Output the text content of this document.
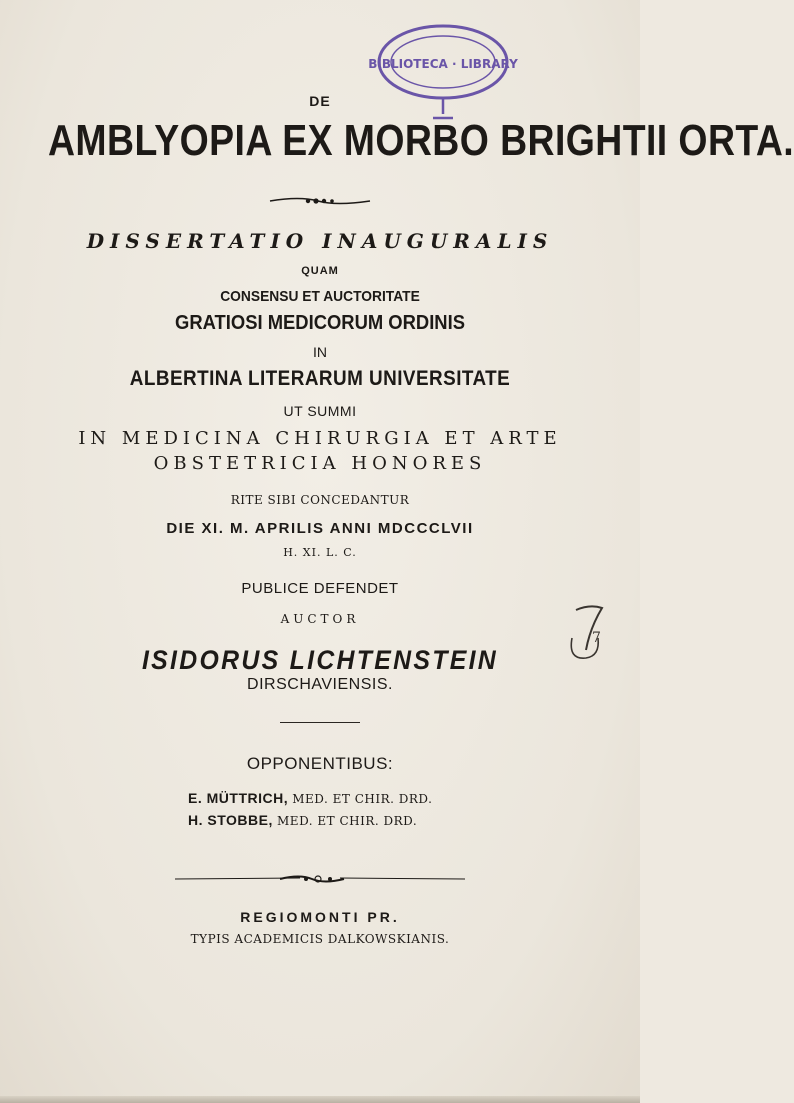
BIBLIOTECA · LIBRARY

DE

AMBLYOPIA EX MORBO BRIGHTII ORTA.

DISSERTATIO INAUGURALIS

QUAM

CONSENSU ET AUCTORITATE

GRATIOSI MEDICORUM ORDINIS

IN

ALBERTINA LITERARUM UNIVERSITATE

UT SUMMI

IN MEDICINA CHIRURGIA ET ARTE

OBSTETRICIA HONORES

RITE SIBI CONCEDANTUR

DIE XI. M. APRILIS ANNI MDCCCLVII

H. XI. L. C.

PUBLICE DEFENDET

7

AUCTOR

ISIDORUS LICHTENSTEIN

DIRSCHAVIENSIS.

OPPONENTIBUS:

E. MÜTTRICH, MED. ET CHIR. DRD.

H. STOBBE, MED. ET CHIR. DRD.

REGIOMONTI PR.

TYPIS ACADEMICIS DALKOWSKIANIS.
